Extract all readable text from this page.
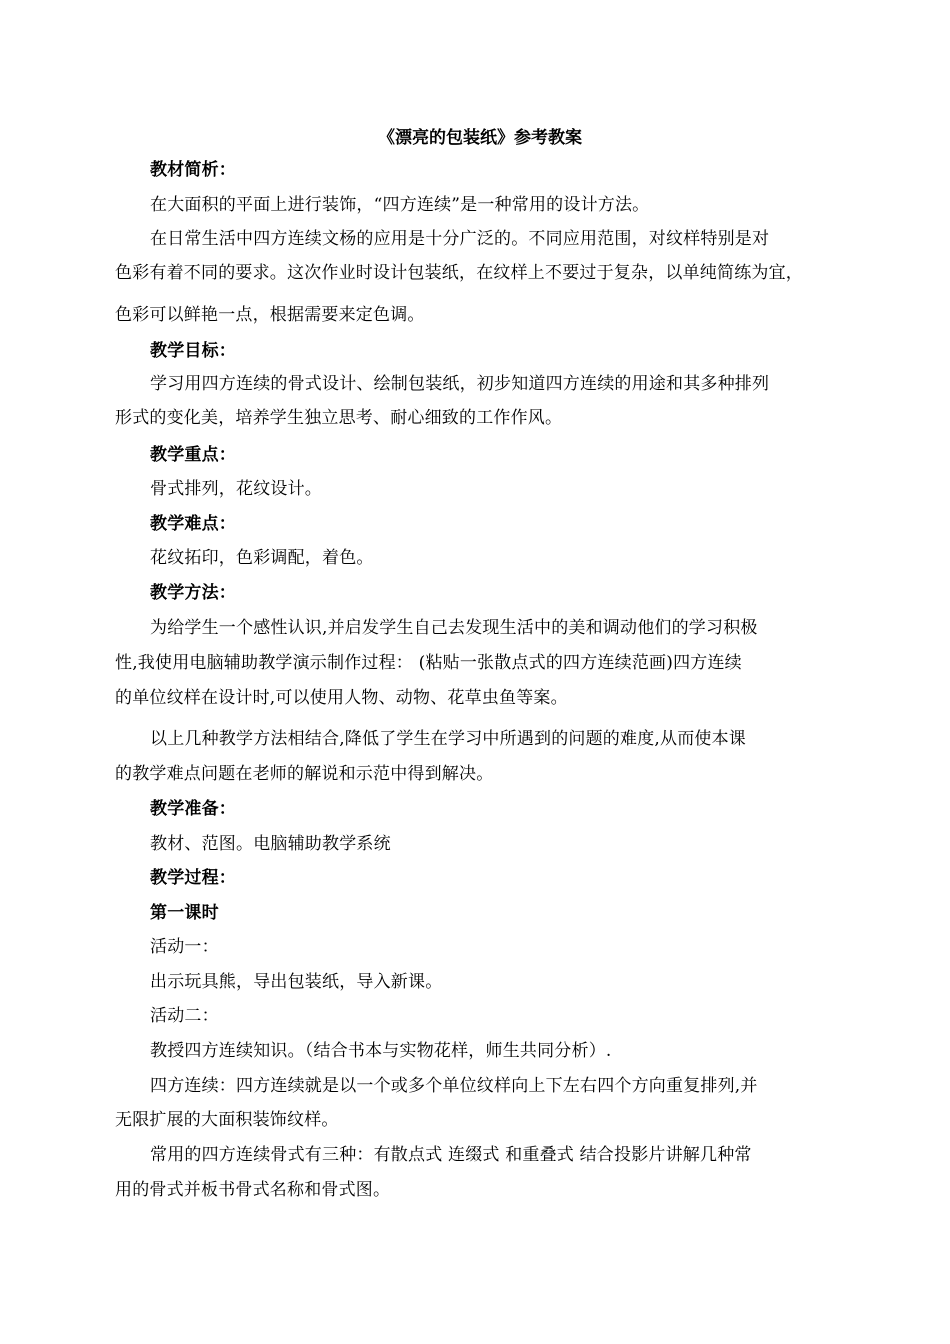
《漂亮的包装纸》参考教案
教材简析：
在大面积的平面上进行装饰，“四方连续”是一种常用的设计方法。
在日常生活中四方连续文杨的应用是十分广泛的。不同应用范围，对纹样特别是对
色彩有着不同的要求。这次作业时设计包装纸，在纹样上不要过于复杂，以单纯简练为宜，
色彩可以鲜艳一点，根据需要来定色调。
教学目标：
学习用四方连续的骨式设计、绘制包装纸，初步知道四方连续的用途和其多种排列
形式的变化美，培养学生独立思考、耐心细致的工作作风。
教学重点：
骨式排列，花纹设计。
教学难点：
花纹拓印，色彩调配，着色。
教学方法：
为给学生一个感性认识,并启发学生自己去发现生活中的美和调动他们的学习积极
性,我使用电脑辅助教学演示制作过程： (粘贴一张散点式的四方连续范画)四方连续
的单位纹样在设计时,可以使用人物、动物、花草虫鱼等案。
以上几种教学方法相结合,降低了学生在学习中所遇到的问题的难度,从而使本课
的教学难点问题在老师的解说和示范中得到解决。
教学准备：
教材、范图。电脑辅助教学系统
教学过程：
第一课时
活动一：
出示玩具熊，导出包装纸，导入新课。
活动二：
教授四方连续知识。（结合书本与实物花样，师生共同分析）.
四方连续：四方连续就是以一个或多个单位纹样向上下左右四个方向重复排列,并
无限扩展的大面积装饰纹样。
常用的四方连续骨式有三种：有散点式 连缀式 和重叠式 结合投影片讲解几种常
用的骨式并板书骨式名称和骨式图。
